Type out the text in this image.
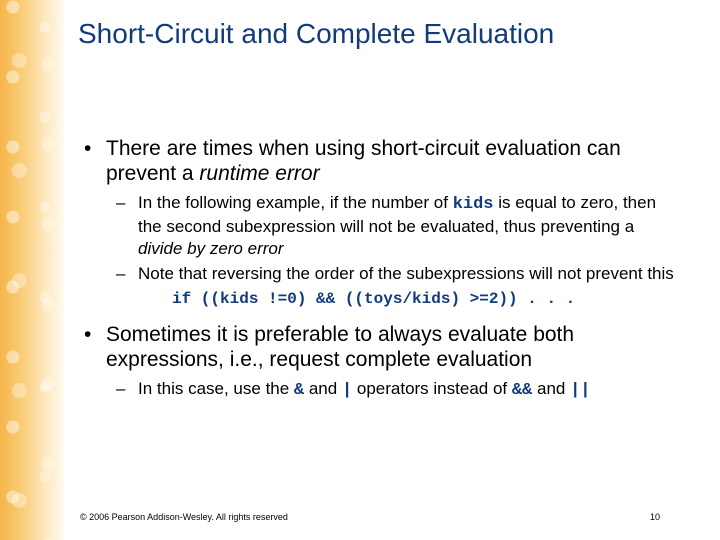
Short-Circuit and Complete Evaluation
• There are times when using short-circuit evaluation can prevent a runtime error
– In the following example, if the number of kids is equal to zero, then the second subexpression will not be evaluated, thus preventing a divide by zero error
– Note that reversing the order of the subexpressions will not prevent this
if ((kids !=0) && ((toys/kids) >=2)) . . .
• Sometimes it is preferable to always evaluate both expressions, i.e., request complete evaluation
– In this case, use the & and | operators instead of && and ||
© 2006 Pearson Addison-Wesley. All rights reserved	10
